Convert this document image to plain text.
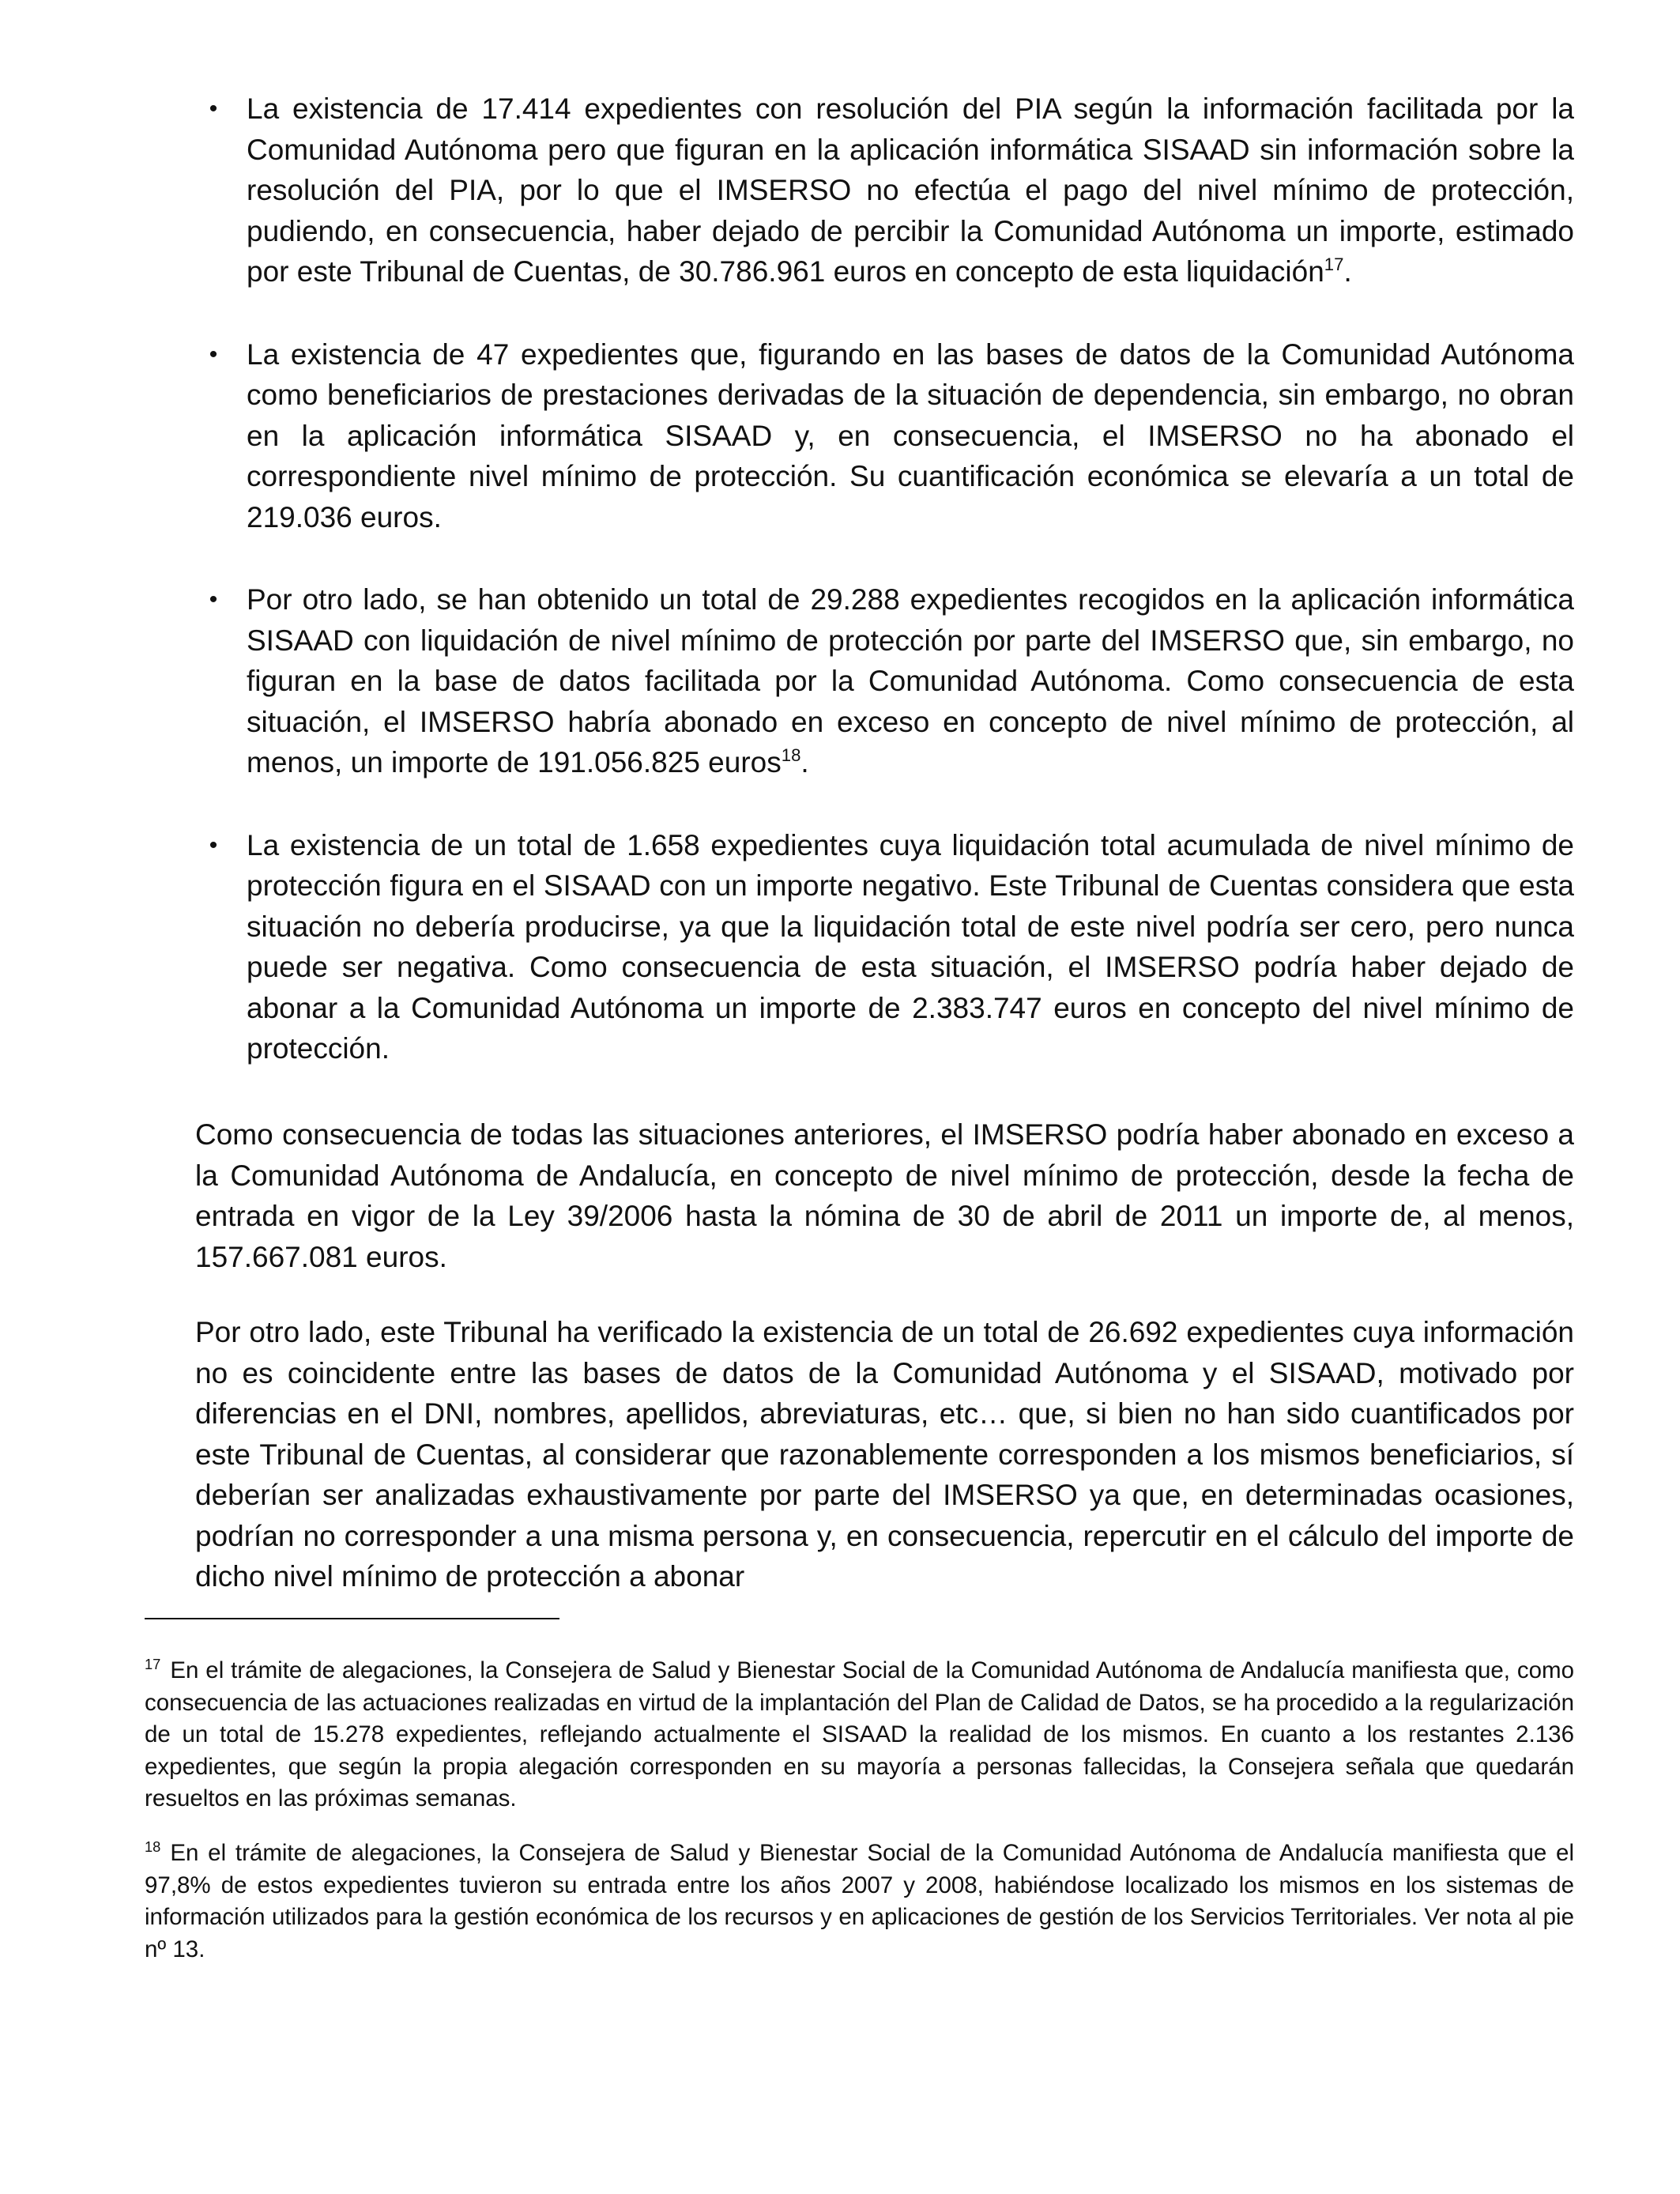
• La existencia de 17.414 expedientes con resolución del PIA según la información facilitada por la Comunidad Autónoma pero que figuran en la aplicación informática SISAAD sin información sobre la resolución del PIA, por lo que el IMSERSO no efectúa el pago del nivel mínimo de protección, pudiendo, en consecuencia, haber dejado de percibir la Comunidad Autónoma un importe, estimado por este Tribunal de Cuentas, de 30.786.961 euros en concepto de esta liquidación$^{17}$.
• La existencia de 47 expedientes que, figurando en las bases de datos de la Comunidad Autónoma como beneficiarios de prestaciones derivadas de la situación de dependencia, sin embargo, no obran en la aplicación informática SISAAD y, en consecuencia, el IMSERSO no ha abonado el correspondiente nivel mínimo de protección. Su cuantificación económica se elevaría a un total de 219.036 euros.
• Por otro lado, se han obtenido un total de 29.288 expedientes recogidos en la aplicación informática SISAAD con liquidación de nivel mínimo de protección por parte del IMSERSO que, sin embargo, no figuran en la base de datos facilitada por la Comunidad Autónoma. Como consecuencia de esta situación, el IMSERSO habría abonado en exceso en concepto de nivel mínimo de protección, al menos, un importe de 191.056.825 euros$^{18}$.
• La existencia de un total de 1.658 expedientes cuya liquidación total acumulada de nivel mínimo de protección figura en el SISAAD con un importe negativo. Este Tribunal de Cuentas considera que esta situación no debería producirse, ya que la liquidación total de este nivel podría ser cero, pero nunca puede ser negativa. Como consecuencia de esta situación, el IMSERSO podría haber dejado de abonar a la Comunidad Autónoma un importe de 2.383.747 euros en concepto del nivel mínimo de protección.

Como consecuencia de todas las situaciones anteriores, el IMSERSO podría haber abonado en exceso a la Comunidad Autónoma de Andalucía, en concepto de nivel mínimo de protección, desde la fecha de entrada en vigor de la Ley 39/2006 hasta la nómina de 30 de abril de 2011 un importe de, al menos, 157.667.081 euros.

Por otro lado, este Tribunal ha verificado la existencia de un total de 26.692 expedientes cuya información no es coincidente entre las bases de datos de la Comunidad Autónoma y el SISAAD, motivado por diferencias en el DNI, nombres, apellidos, abreviaturas, etc… que, si bien no han sido cuantificados por este Tribunal de Cuentas, al considerar que razonablemente corresponden a los mismos beneficiarios, sí deberían ser analizadas exhaustivamente por parte del IMSERSO ya que, en determinadas ocasiones, podrían no corresponder a una misma persona y, en consecuencia, repercutir en el cálculo del importe de dicho nivel mínimo de protección a abonar

$^{17}$ En el trámite de alegaciones, la Consejera de Salud y Bienestar Social de la Comunidad Autónoma de Andalucía manifiesta que, como consecuencia de las actuaciones realizadas en virtud de la implantación del Plan de Calidad de Datos, se ha procedido a la regularización de un total de 15.278 expedientes, reflejando actualmente el SISAAD la realidad de los mismos. En cuanto a los restantes 2.136 expedientes, que según la propia alegación corresponden en su mayoría a personas fallecidas, la Consejera señala que quedarán resueltos en las próximas semanas.

$^{18}$ En el trámite de alegaciones, la Consejera de Salud y Bienestar Social de la Comunidad Autónoma de Andalucía manifiesta que el 97,8% de estos expedientes tuvieron su entrada entre los años 2007 y 2008, habiéndose localizado los mismos en los sistemas de información utilizados para la gestión económica de los recursos y en aplicaciones de gestión de los Servicios Territoriales. Ver nota al pie nº 13.
